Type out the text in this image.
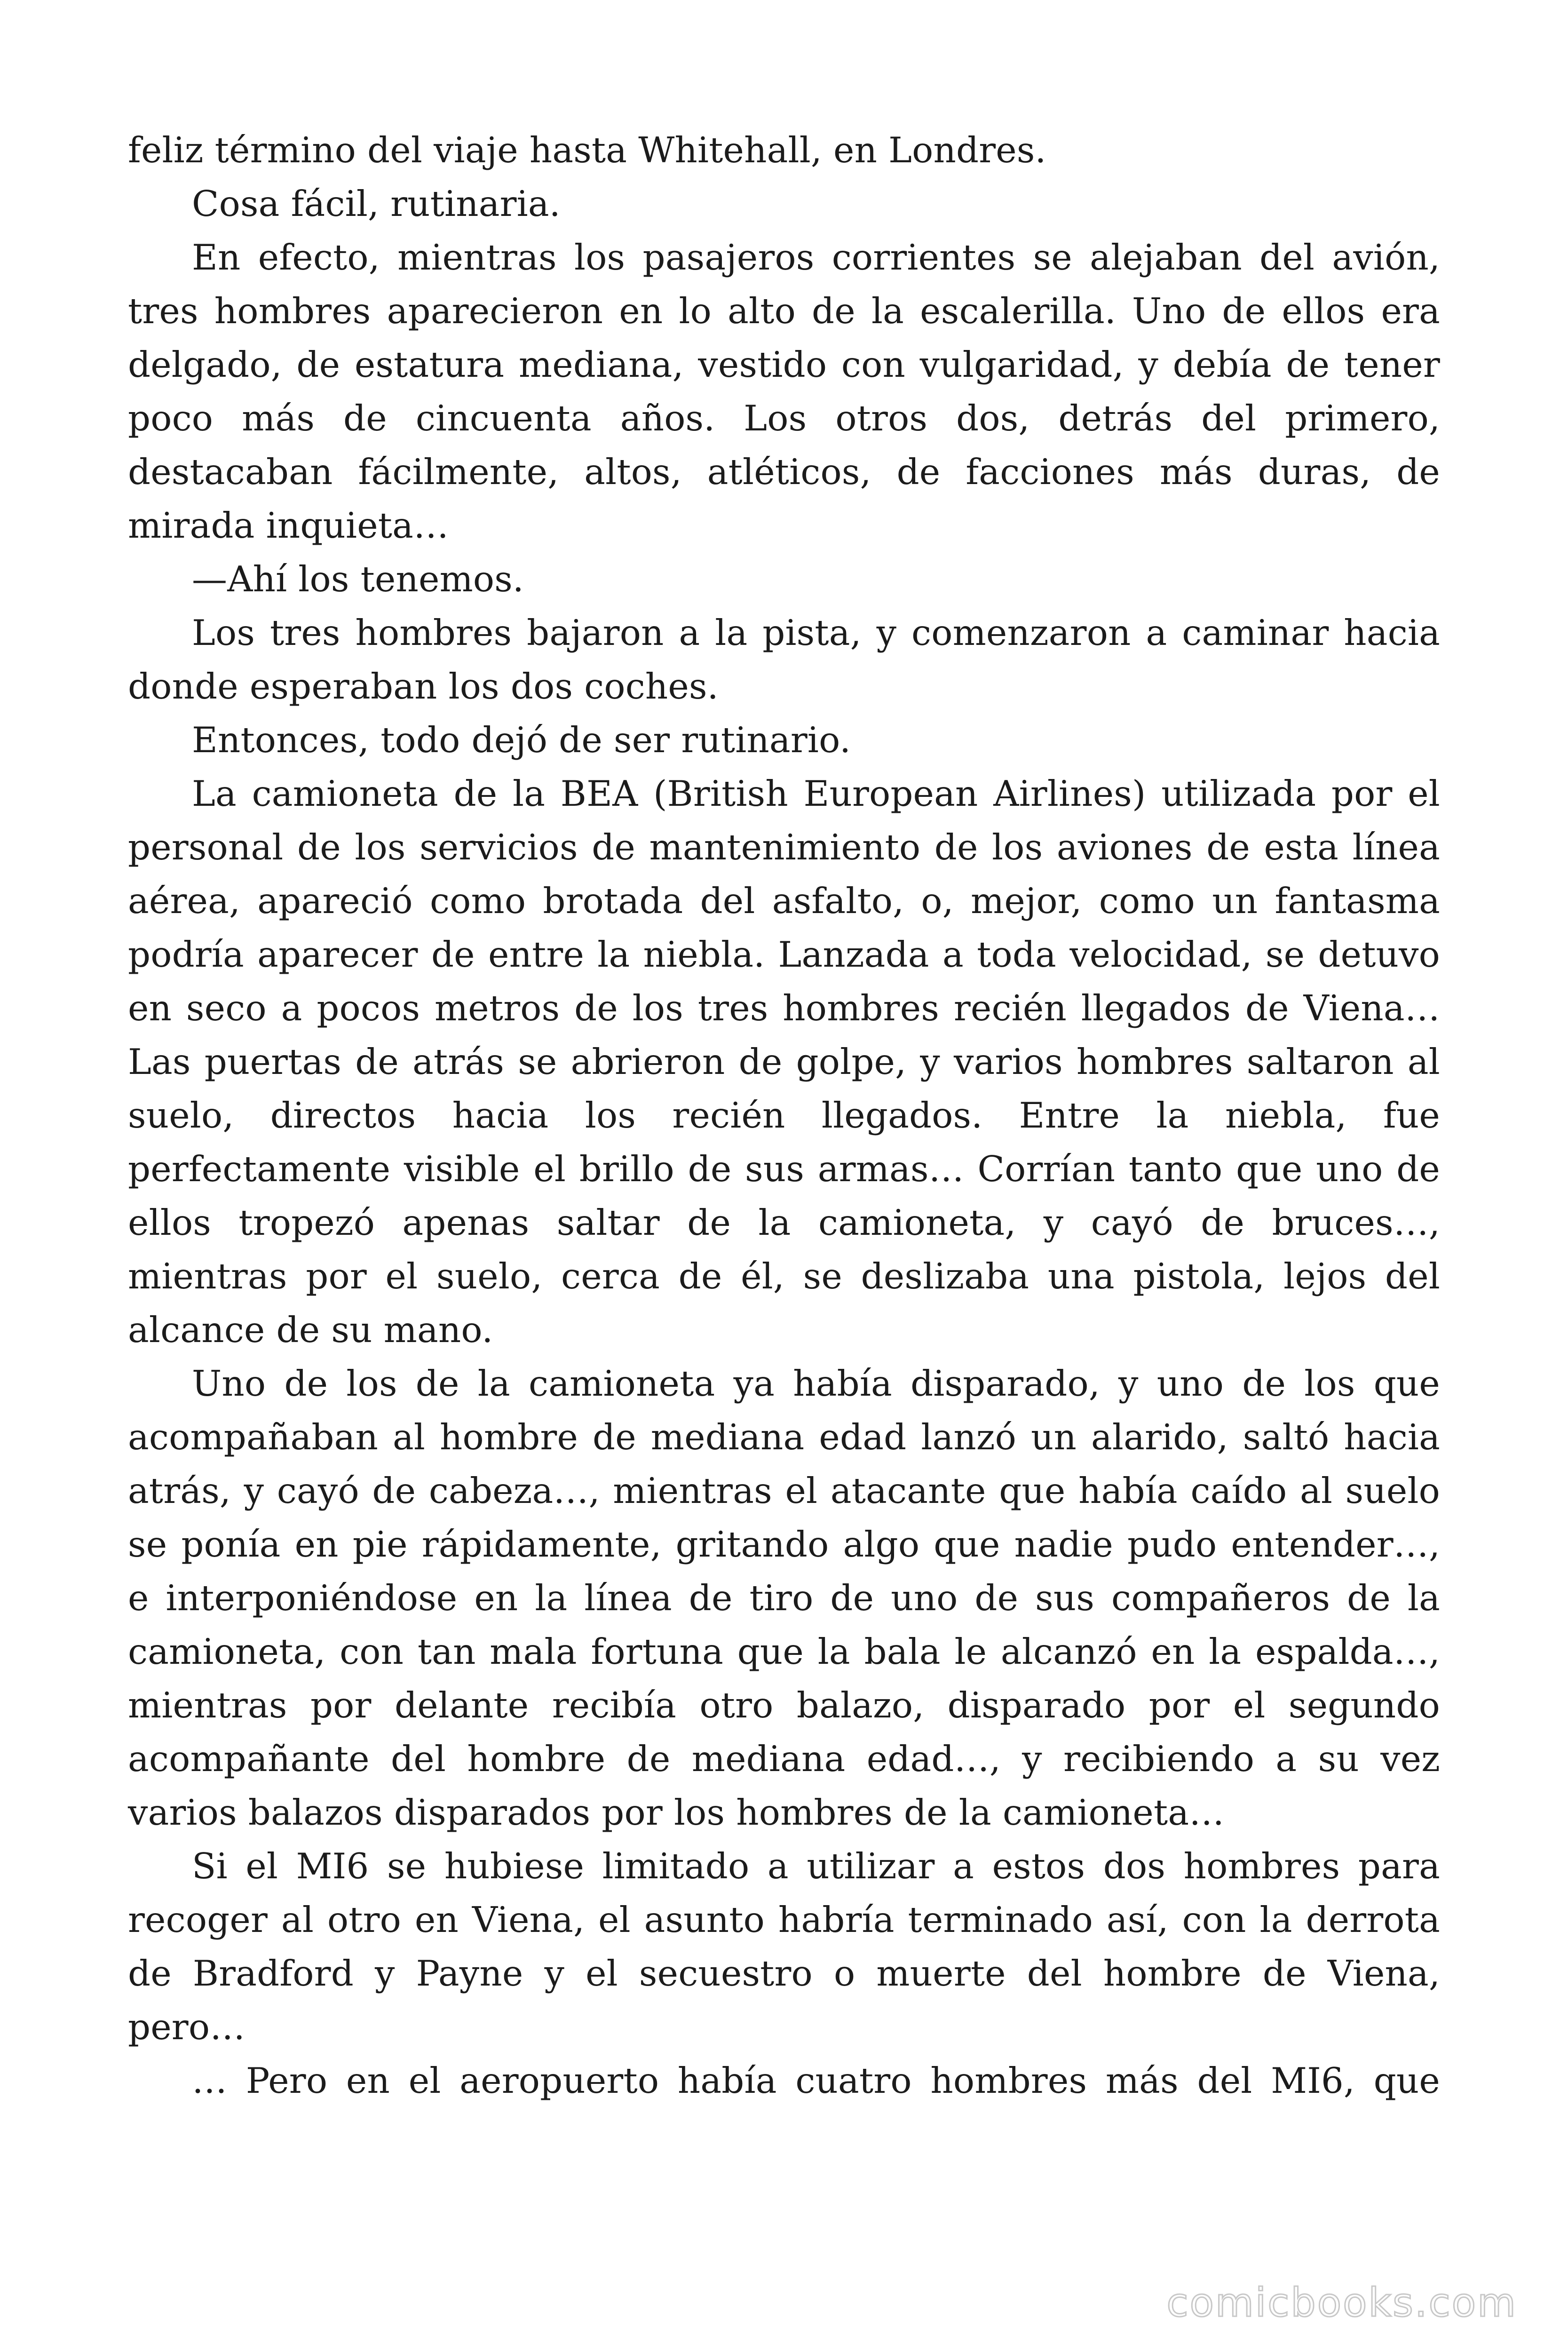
feliz término del viaje hasta Whitehall, en Londres.

Cosa fácil, rutinaria.

En efecto, mientras los pasajeros corrientes se alejaban del avión, tres hombres aparecieron en lo alto de la escalerilla. Uno de ellos era delgado, de estatura mediana, vestido con vulgaridad, y debía de tener poco más de cincuenta años. Los otros dos, detrás del primero, destacaban fácilmente, altos, atléticos, de facciones más duras, de mirada inquieta…

—Ahí los tenemos.

Los tres hombres bajaron a la pista, y comenzaron a caminar hacia donde esperaban los dos coches.

Entonces, todo dejó de ser rutinario.

La camioneta de la BEA (British European Airlines) utilizada por el personal de los servicios de mantenimiento de los aviones de esta línea aérea, apareció como brotada del asfalto, o, mejor, como un fantasma podría aparecer de entre la niebla. Lanzada a toda velocidad, se detuvo en seco a pocos metros de los tres hombres recién llegados de Viena… Las puertas de atrás se abrieron de golpe, y varios hombres saltaron al suelo, directos hacia los recién llegados. Entre la niebla, fue perfectamente visible el brillo de sus armas… Corrían tanto que uno de ellos tropezó apenas saltar de la camioneta, y cayó de bruces…, mientras por el suelo, cerca de él, se deslizaba una pistola, lejos del alcance de su mano.

Uno de los de la camioneta ya había disparado, y uno de los que acompañaban al hombre de mediana edad lanzó un alarido, saltó hacia atrás, y cayó de cabeza…, mientras el atacante que había caído al suelo se ponía en pie rápidamente, gritando algo que nadie pudo entender…, e interponiéndose en la línea de tiro de uno de sus compañeros de la camioneta, con tan mala fortuna que la bala le alcanzó en la espalda…, mientras por delante recibía otro balazo, disparado por el segundo acompañante del hombre de mediana edad…, y recibiendo a su vez varios balazos disparados por los hombres de la camioneta…

Si el MI6 se hubiese limitado a utilizar a estos dos hombres para recoger al otro en Viena, el asunto habría terminado así, con la derrota de Bradford y Payne y el secuestro o muerte del hombre de Viena, pero…

… Pero en el aeropuerto había cuatro hombres más del MI6, que

comicbooks.com
